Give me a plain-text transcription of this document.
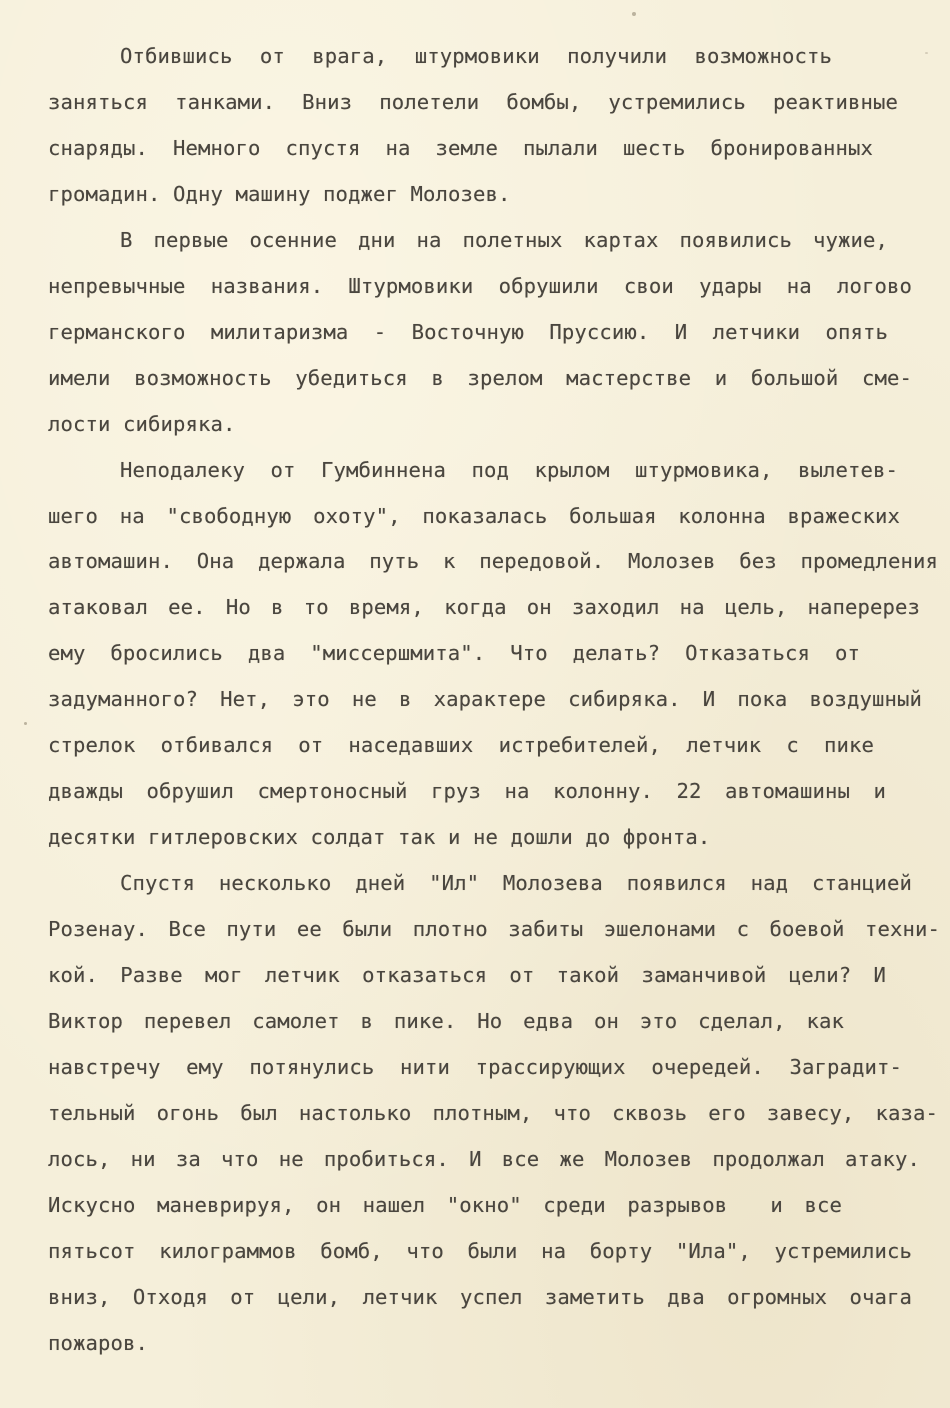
Отбившись от врага, штурмовики получили возможность
заняться танками. Вниз полетели бомбы, устремились реактивные
снаряды. Немного спустя на земле пылали шесть бронированных
громадин. Одну машину поджег Молозев.
В первые осенние дни на полетных картах появились чужие,
непревычные названия. Штурмовики обрушили свои удары на логово
германского милитаризма - Восточную Пруссию. И летчики опять
имели возможность убедиться в зрелом мастерстве и большой сме-
лости сибиряка.
Неподалеку от Гумбиннена под крылом штурмовика, вылетев-
шего на "свободную охоту", показалась большая колонна вражеских
автомашин. Она держала путь к передовой. Молозев без промедления
атаковал ее. Но в то время, когда он заходил на цель, наперерез
ему бросились два "миссершмита". Что делать? Отказаться от
задуманного? Нет, это не в характере сибиряка. И пока воздушный
стрелок отбивался от наседавших истребителей, летчик с пике
дважды обрушил смертоносный груз на колонну. 22 автомашины и
десятки гитлеровских солдат так и не дошли до фронта.
Спустя несколько дней "Ил" Молозева появился над станцией
Розенау. Все пути ее были плотно забиты эшелонами с боевой техни-
кой. Разве мог летчик отказаться от такой заманчивой цели? И
Виктор перевел самолет в пике. Но едва он это сделал, как
навстречу ему потянулись нити трассирующих очередей. Заградит-
тельный огонь был настолько плотным, что сквозь его завесу, каза-
лось, ни за что не пробиться. И все же Молозев продолжал атаку.
Искусно маневрируя, он нашел "окно" среди разрывов  и все
пятьсот килограммов бомб, что были на борту "Ила", устремились
вниз, Отходя от цели, летчик успел заметить два огромных очага
пожаров.
